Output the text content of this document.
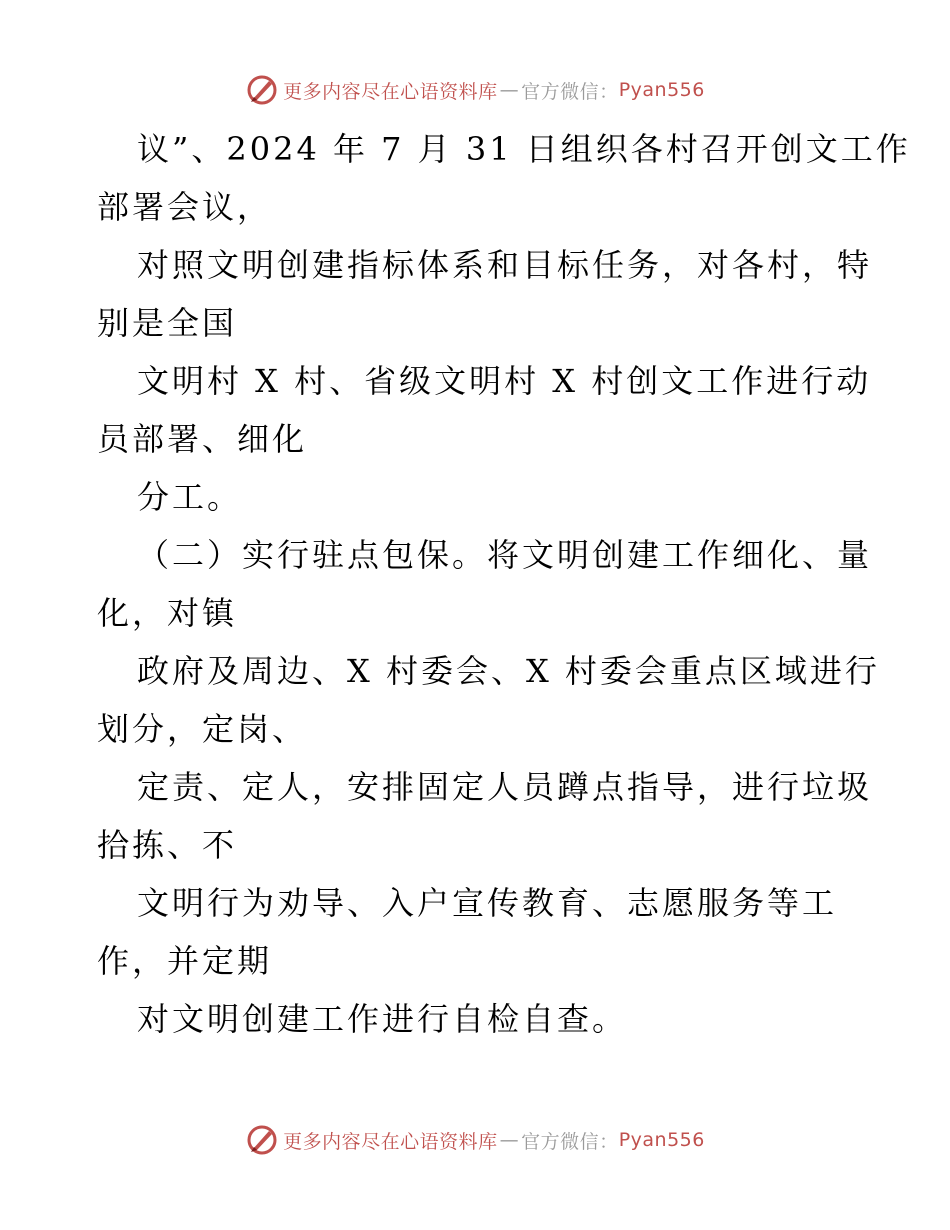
更多内容尽在心语资料库 — 官方微信： Pyan556
议”、2024 年 7 月 31 日组织各村召开创文工作
部署会议，
对照文明创建指标体系和目标任务，对各村，特
别是全国
文明村 X 村、省级文明村 X 村创文工作进行动
员部署、细化
分工。
（二）实行驻点包保。将文明创建工作细化、量
化，对镇
政府及周边、X 村委会、X 村委会重点区域进行
划分，定岗、
定责、定人，安排固定人员蹲点指导，进行垃圾
拾拣、不
文明行为劝导、入户宣传教育、志愿服务等工
作，并定期
对文明创建工作进行自检自查。
更多内容尽在心语资料库 — 官方微信： Pyan556
